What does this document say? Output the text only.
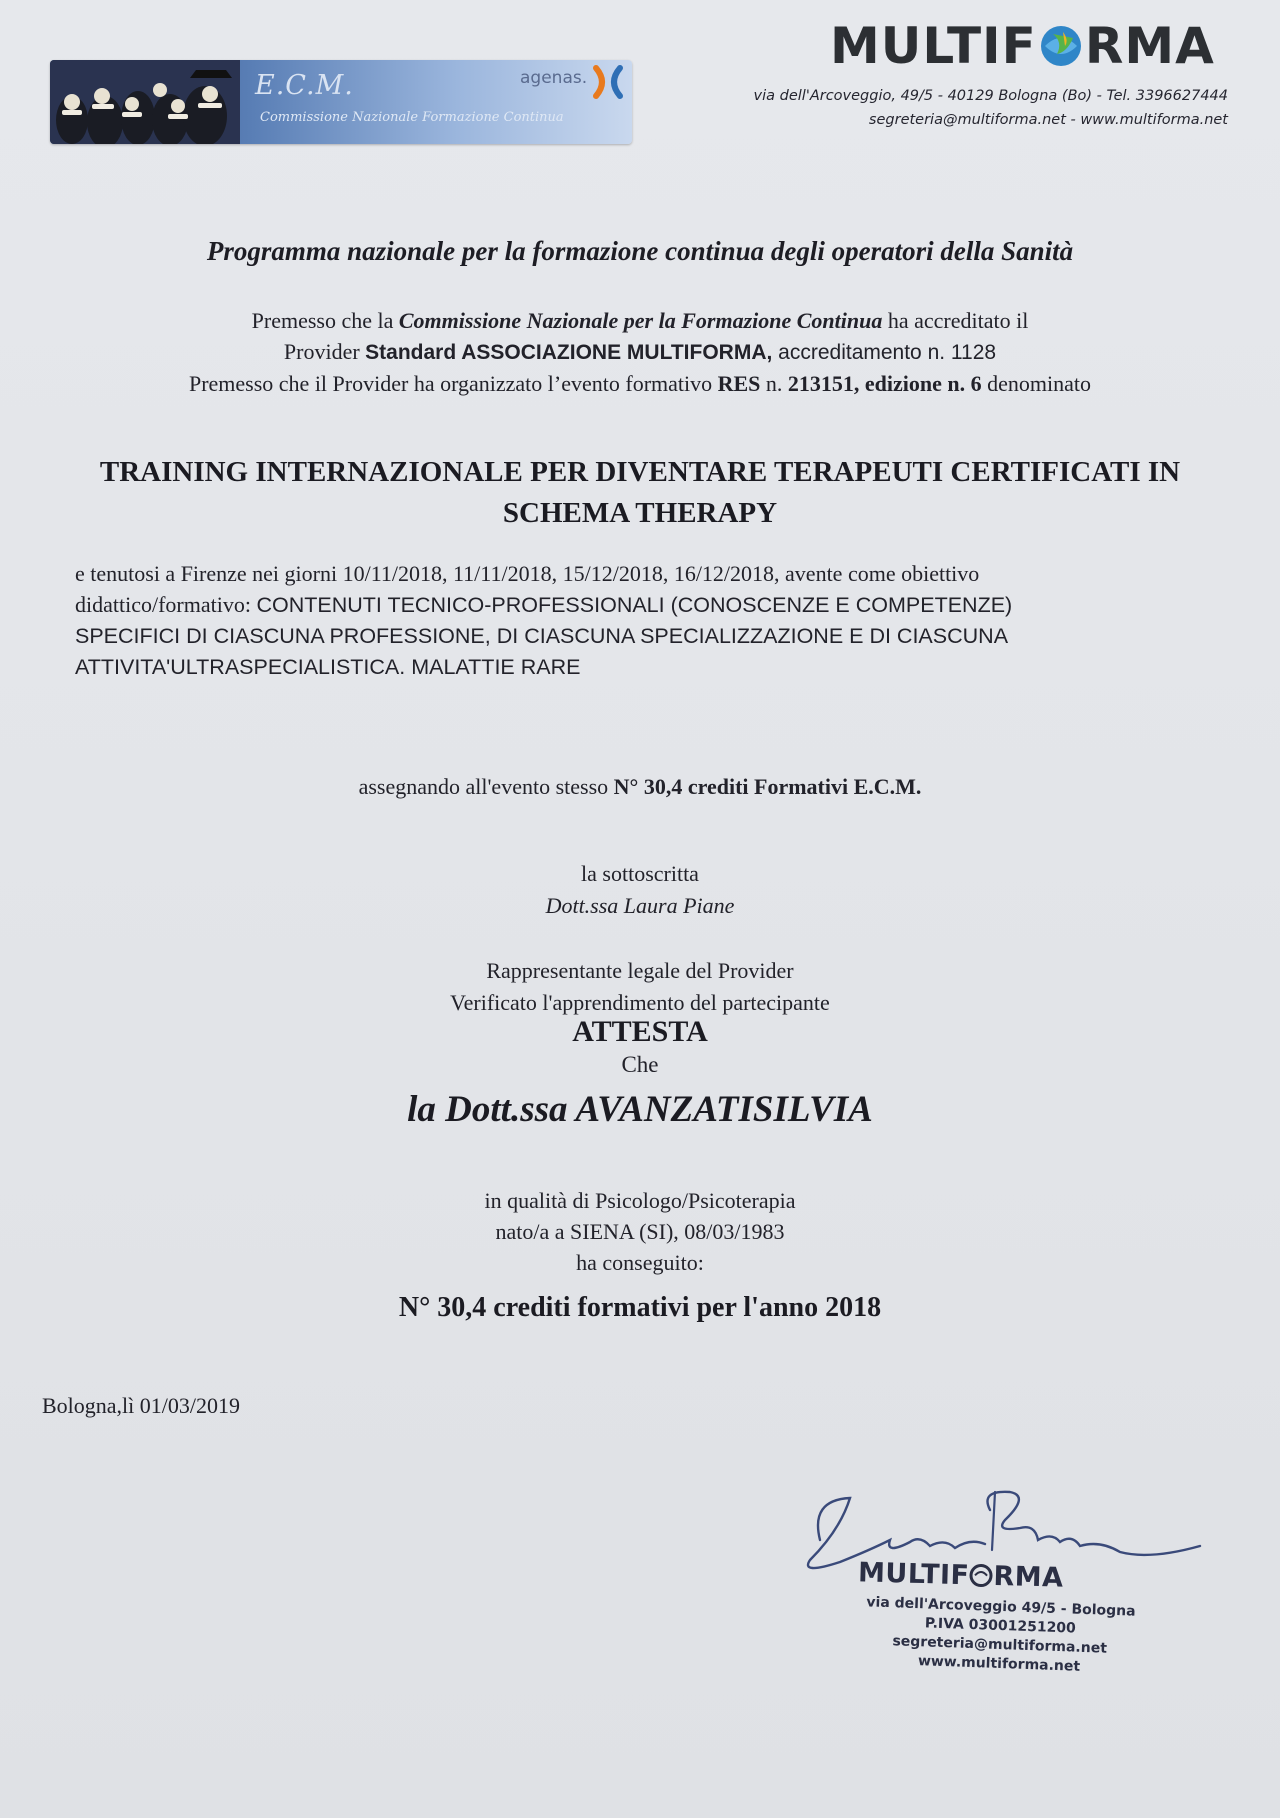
E.C.M.
Commissione Nazionale Formazione Continua
agenas.
MULTIF RMA
via dell'Arcoveggio, 49/5 - 40129 Bologna (Bo) - Tel. 3396627444
segreteria@multiforma.net - www.multiforma.net
Programma nazionale per la formazione continua degli operatori della Sanità
Premesso che la Commissione Nazionale per la Formazione Continua ha accreditato il
Provider Standard ASSOCIAZIONE MULTIFORMA, accreditamento n. 1128
Premesso che il Provider ha organizzato l’evento formativo RES n. 213151, edizione n. 6 denominato
TRAINING INTERNAZIONALE PER DIVENTARE TERAPEUTI CERTIFICATI IN
SCHEMA THERAPY
e tenutosi a Firenze nei giorni 10/11/2018, 11/11/2018, 15/12/2018, 16/12/2018, avente come obiettivo
didattico/formativo: CONTENUTI TECNICO-PROFESSIONALI (CONOSCENZE E COMPETENZE)
SPECIFICI DI CIASCUNA PROFESSIONE, DI CIASCUNA SPECIALIZZAZIONE E DI CIASCUNA
ATTIVITA'ULTRASPECIALISTICA. MALATTIE RARE
assegnando all'evento stesso N° 30,4 crediti Formativi E.C.M.
la sottoscritta
Dott.ssa Laura Piane
Rappresentante legale del Provider
Verificato l'apprendimento del partecipante
ATTESTA
Che
la Dott.ssa AVANZATISILVIA
in qualità di Psicologo/Psicoterapia
nato/a a SIENA (SI), 08/03/1983
ha conseguito:
N° 30,4 crediti formativi per l'anno 2018
Bologna,lì 01/03/2019
MULTIF RMA
via dell'Arcoveggio 49/5 - Bologna
P.IVA 03001251200
segreteria@multiforma.net
www.multiforma.net
